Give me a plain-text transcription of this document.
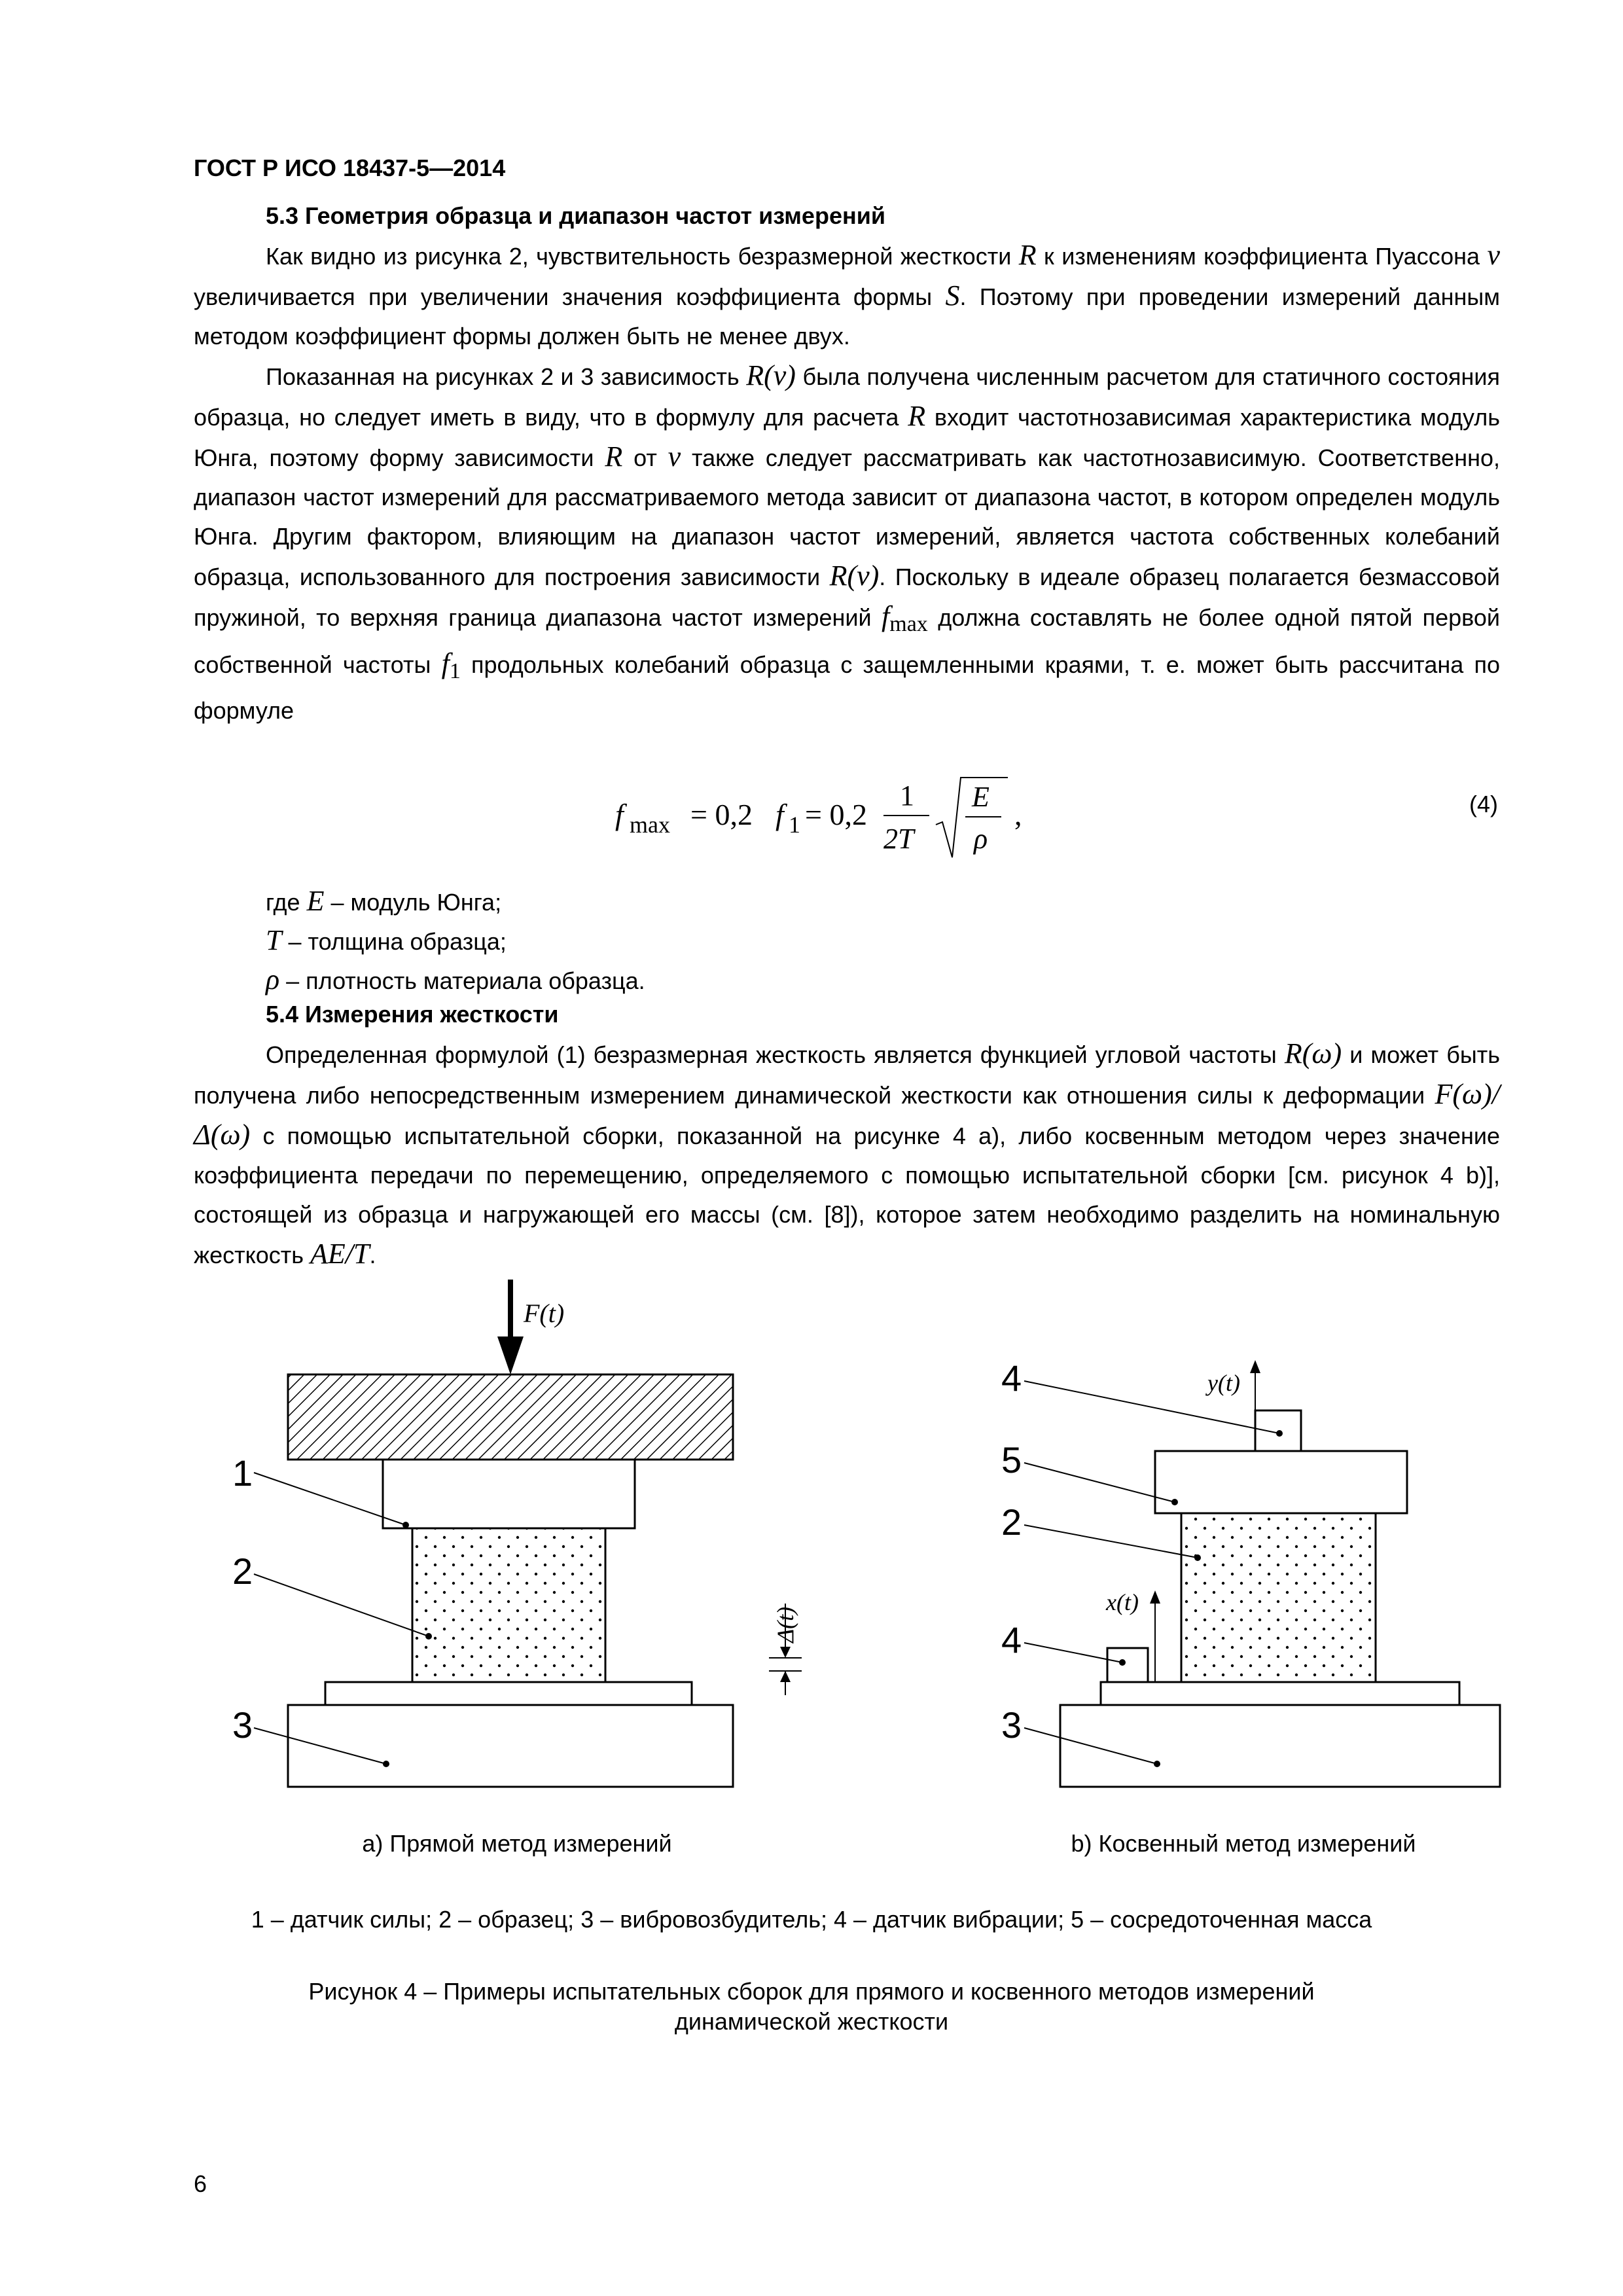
ГОСТ Р ИСО 18437-5—2014

5.3 Геометрия образца и диапазон частот измерений

Как видно из рисунка 2, чувствительность безразмерной жесткости R к изменениям коэффициента Пуассона ν увеличивается при увеличении значения коэффициента формы S. Поэтому при проведении измерений данным методом коэффициент формы должен быть не менее двух.

Показанная на рисунках 2 и 3 зависимость R(ν) была получена численным расчетом для статичного состояния образца, но следует иметь в виду, что в формулу для расчета R входит частотнозависимая характеристика модуль Юнга, поэтому форму зависимости R от ν также следует рассматривать как частотнозависимую. Соответственно, диапазон частот измерений для рассматриваемого метода зависит от диапазона частот, в котором определен модуль Юнга. Другим фактором, влияющим на диапазон частот измерений, является частота собственных колебаний образца, использованного для построения зависимости R(ν). Поскольку в идеале образец полагается безмассовой пружиной, то верхняя граница диапазона частот измерений $f_{max}$ должна составлять не более одной пятой первой собственной частоты $f_1$ продольных колебаний образца с защемленными краями, т. е. может быть рассчитана по формуле

f max = 0,2 f 1 = 0,2
1
2T
E
ρ
,	(4)
где E – модуль Юнга;
T – толщина образца;
ρ – плотность материала образца.

5.4 Измерения жесткости

Определенная формулой (1) безразмерная жесткость является функцией угловой частоты R(ω) и может быть получена либо непосредственным измерением динамической жесткости как отношения силы к деформации F(ω)/Δ(ω) с помощью испытательной сборки, показанной на рисунке 4 а), либо косвенным методом через значение коэффициента передачи по перемещению, определяемого с помощью испытательной сборки [см. рисунок 4 b)], состоящей из образца и нагружающей его массы (см. [8]), которое затем необходимо разделить на номинальную жесткость AE/T.

F(t)
1
2
3
Δ(t)
y(t)
x(t)
4
5
2
4
3
а) Прямой метод измерений	b) Косвенный метод измерений
1 – датчик силы; 2 – образец; 3 – вибровозбудитель; 4 – датчик вибрации; 5 – сосредоточенная масса
Рисунок 4 – Примеры испытательных сборок для прямого и косвенного методов измерений
динамической жесткости
6
